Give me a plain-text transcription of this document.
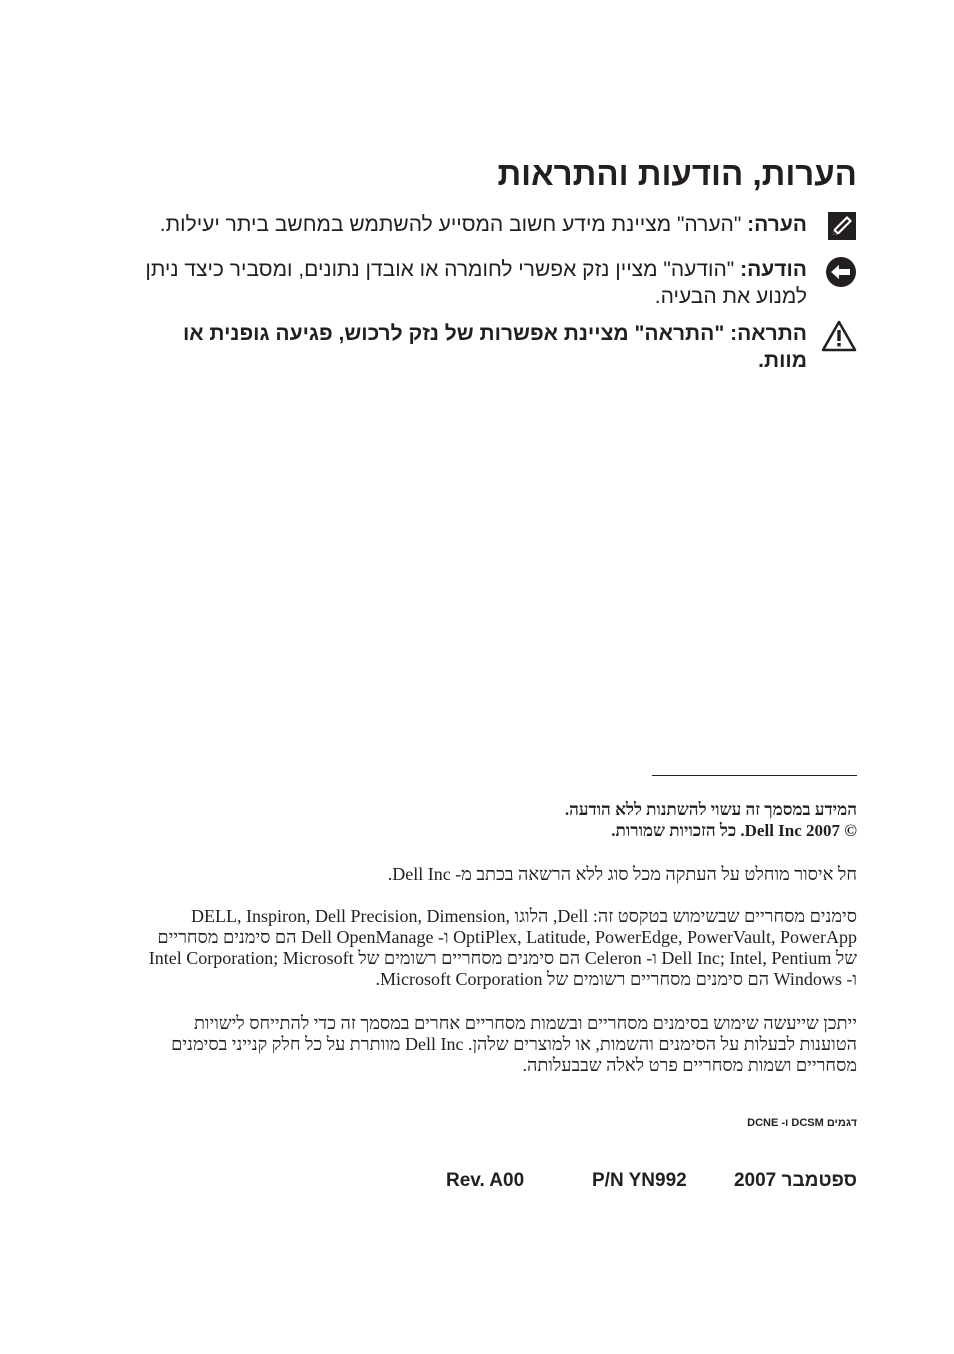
הערות, הודעות והתראות
הערה: "הערה" מציינת מידע חשוב המסייע להשתמש במחשב ביתר יעילות.
הודעה: "הודעה" מציין נזק אפשרי לחומרה או אובדן נתונים, ומסביר כיצד ניתן למנוע את הבעיה.
התראה: "התראה" מציינת אפשרות של נזק לרכוש, פגיעה גופנית או מוות.
המידע במסמך זה עשוי להשתנות ללא הודעה.
© 2007 Dell Inc. כל הזכויות שמורות.
חל איסור מוחלט על העתקה מכל סוג ללא הרשאה בכתב מ- Dell Inc.
סימנים מסחריים שבשימוש בטקסט זה: Dell, הלוגו DELL, Inspiron, Dell Precision, Dimension, OptiPlex, Latitude, PowerEdge, PowerVault, PowerApp ו- Dell OpenManage הם סימנים מסחריים של Dell Inc; Intel, Pentium ו- Celeron הם סימנים מסחריים רשומים של Intel Corporation; Microsoft ו- Windows הם סימנים מסחריים רשומים של Microsoft Corporation.
ייתכן שייעשה שימוש בסימנים מסחריים ובשמות מסחריים אחרים במסמך זה כדי להתייחס לישויות הטוענות לבעלות על הסימנים והשמות, או למוצרים שלהן. Dell Inc מוותרת על כל חלק קנייני בסימנים מסחריים ושמות מסחריים פרט לאלה שבבעלותה.
דגמים DCSM ו- DCNE
ספטמבר 2007
P/N YN992
Rev. A00
